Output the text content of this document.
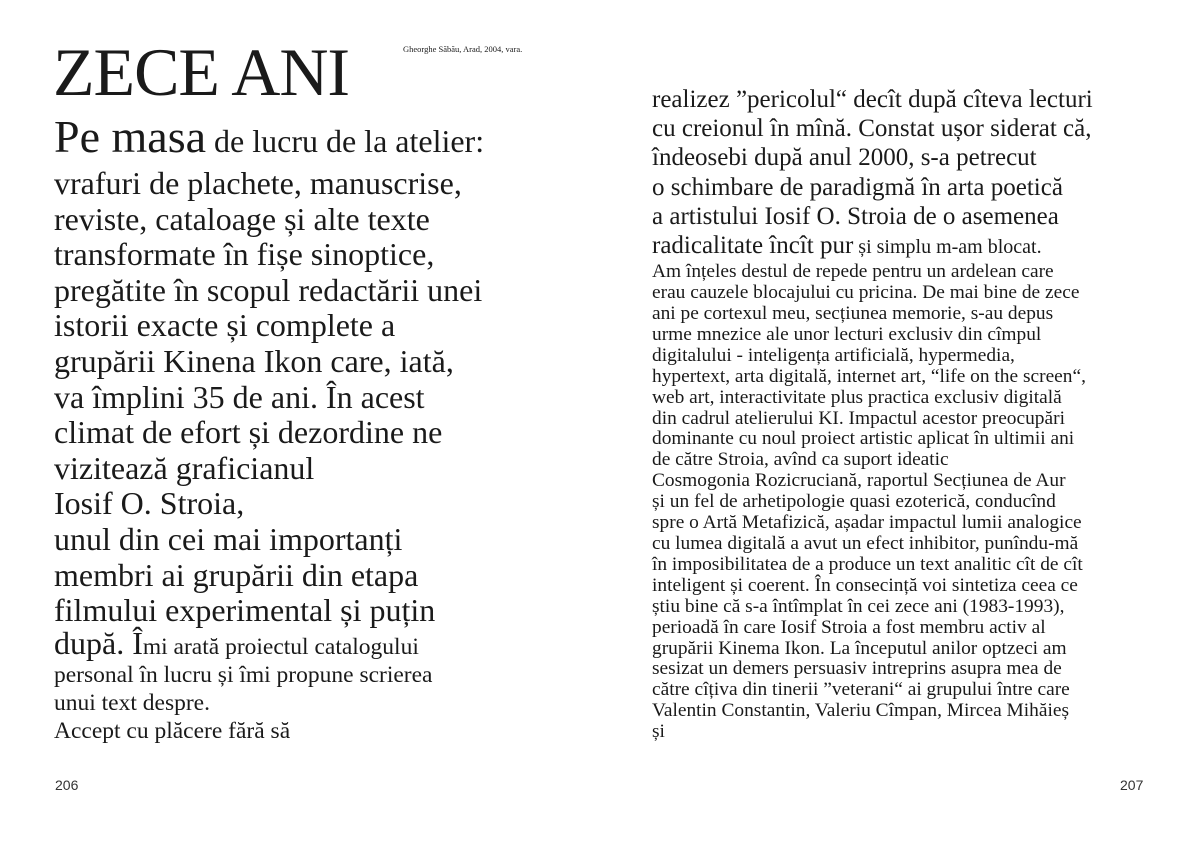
ZECE ANI	Gheorghe Săbău, Arad, 2004, vara.
Pe masa de lucru de la atelier:
vrafuri de plachete, manuscrise,
reviste, cataloage și alte texte
transformate în fișe sinoptice,
pregătite în scopul redactării unei
istorii exacte și complete a
grupării Kinena Ikon care, iată,
va împlini 35 de ani. În acest
climat de efort și dezordine ne
vizitează graficianul
Iosif O. Stroia,
unul din cei mai importanți
membri ai grupării din etapa
filmului experimental și puțin
după. Îmi arată proiectul catalogului
personal în lucru și îmi propune scrierea
unui text despre.
Accept cu plăcere fără să
206
realizez ”pericolul“ decît după cîteva lecturi
cu creionul în mînă. Constat ușor siderat că,
îndeosebi după anul 2000, s-a petrecut
o schimbare de paradigmă în arta poetică
a artistului Iosif O. Stroia de o asemenea
radicalitate încît pur și simplu m-am blocat.
Am înțeles destul de repede pentru un ardelean care
erau cauzele blocajului cu pricina. De mai bine de zece
ani pe cortexul meu, secțiunea memorie, s-au depus
urme mnezice ale unor lecturi exclusiv din cîmpul
digitalului - inteligența artificială, hypermedia,
hypertext, arta digitală, internet art, “life on the screen“,
web art, interactivitate plus practica exclusiv digitală
din cadrul atelierului KI. Impactul acestor preocupări
dominante cu noul proiect artistic aplicat în ultimii ani
de către Stroia, avînd ca suport ideatic
Cosmogonia Rozicruciană, raportul Secțiunea de Aur
și un fel de arhetipologie quasi ezoterică, conducînd
spre o Artă Metafizică, așadar impactul lumii analogice
cu lumea digitală a avut un efect inhibitor, punîndu-mă
în imposibilitatea de a produce un text analitic cît de cît
inteligent și coerent. În consecință voi sintetiza ceea ce
știu bine că s-a întîmplat în cei zece ani (1983-1993),
perioadă în care Iosif Stroia a fost membru activ al
grupării Kinema Ikon. La începutul anilor optzeci am
sesizat un demers persuasiv intreprins asupra mea de
către cîțiva din tinerii ”veterani“ ai grupului între care
Valentin Constantin, Valeriu Cîmpan, Mircea Mihăieș
și
207
